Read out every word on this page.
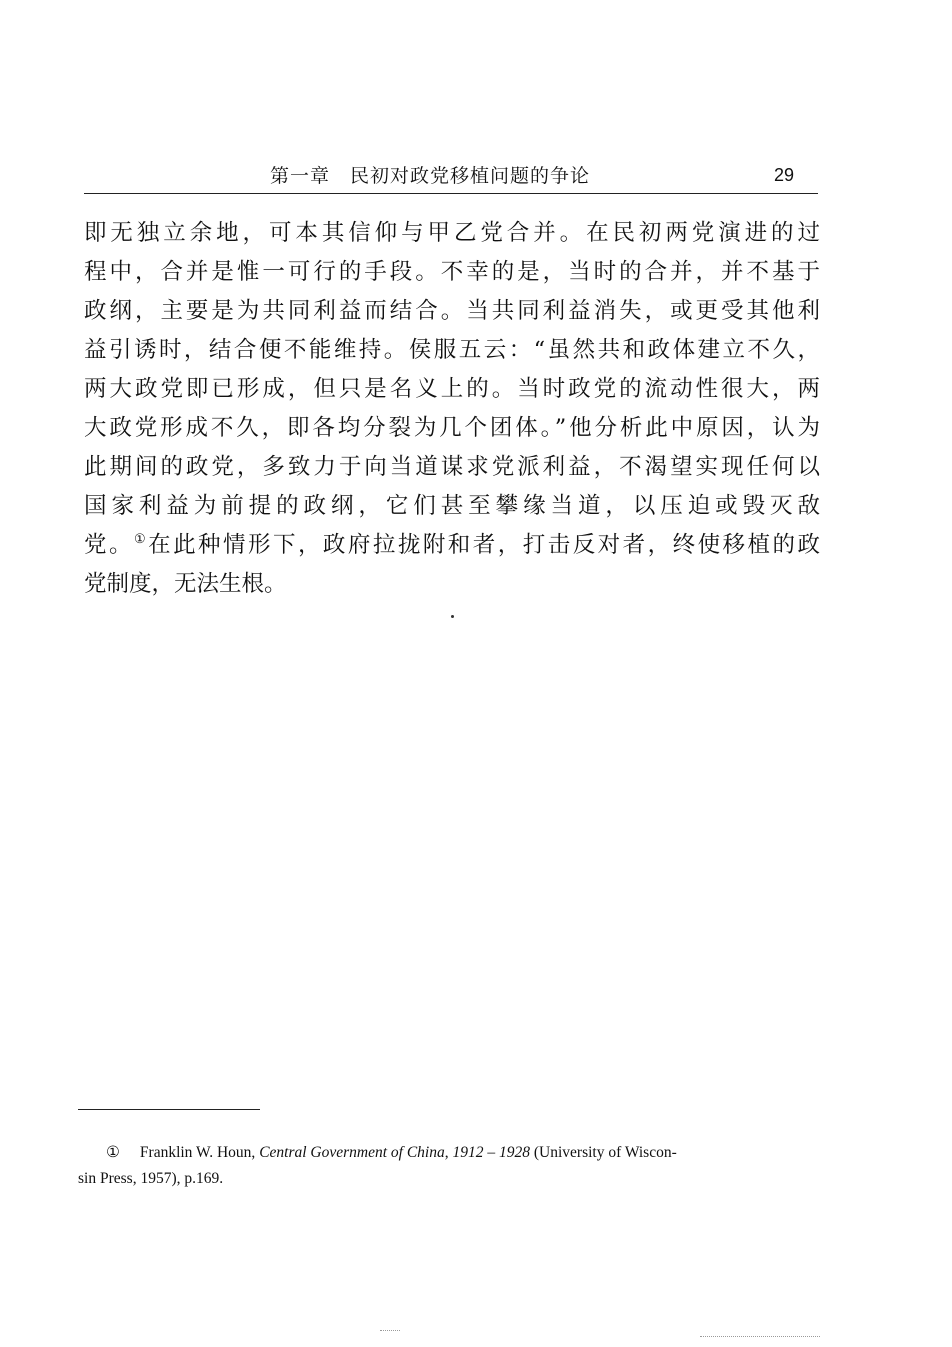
第一章　民初对政党移植问题的争论	29
即无独立余地，可本其信仰与甲乙党合并。在民初两党演进的过
程中，合并是惟一可行的手段。不幸的是，当时的合并，并不基于
政纲，主要是为共同利益而结合。当共同利益消失，或更受其他利
益引诱时，结合便不能维持。侯服五云：“虽然共和政体建立不久，
两大政党即已形成，但只是名义上的。当时政党的流动性很大，两
大政党形成不久，即各均分裂为几个团体。”他分析此中原因，认为
此期间的政党，多致力于向当道谋求党派利益，不渴望实现任何以
国家利益为前提的政纲，它们甚至攀缘当道，以压迫或毁灭敌
党。①在此种情形下，政府拉拢附和者，打击反对者，终使移植的政
党制度，无法生根。
① Franklin W. Houn, Central Government of China, 1912 – 1928 (University of Wiscon-
sin Press, 1957), p.169.
